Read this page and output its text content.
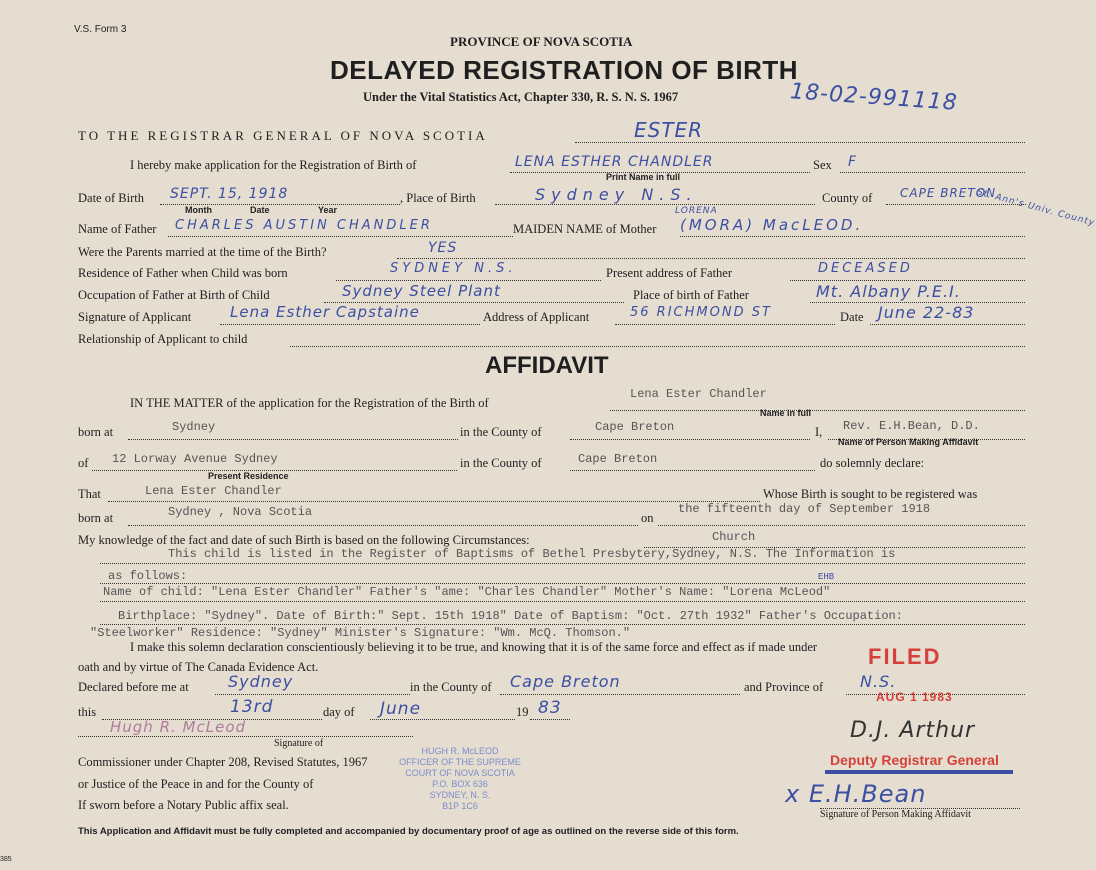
V.S. Form 3
PROVINCE OF NOVA SCOTIA
DELAYED REGISTRATION OF BIRTH
Under the Vital Statistics Act, Chapter 330, R. S. N. S. 1967	18-02-991118
TO THE REGISTRAR GENERAL OF NOVA SCOTIA	ESTER
I hereby make application for the Registration of Birth of	LENA ESTHER CHANDLER	Sex F
Print Name in full
Date of Birth SEPT. 15, 1918
Month	Date	Year
, Place of Birth	Sydney N.S.	County of CAPE BRETON
St. Ann's Univ. County
Name of Father CHARLES AUSTIN CHANDLER	MAIDEN NAME of Mother (MORA) MacLEOD.
LORENA
Were the Parents married at the time of the Birth?	YES
Residence of Father when Child was born	SYDNEY N.S.	Present address of Father	DECEASED
Occupation of Father at Birth of Child	Sydney Steel Plant	Place of birth of Father	Mt. Albany P.E.I.
Signature of Applicant	Lena Esther Capstaine	Address of Applicant	56 RICHMOND ST	Date June 22-83
Relationship of Applicant to child
AFFIDAVIT
IN THE MATTER of the application for the Registration of the Birth of
Lena Ester Chandler
Name in full
born at	Sydney	in the County of	Cape Breton	I, Rev. E.H.Bean, D.D.
Name of Person Making Affidavit
of 12 Lorway Avenue Sydney
Present Residence
in the County of	Cape Breton	do solemnly declare:
That	Lena Ester Chandler	Whose Birth is sought to be registered was
born at	Sydney , Nova Scotia	on
the fifteenth day of September 1918
My knowledge of the fact and date of such Birth is based on the following Circumstances:	Church
This child is listed in the Register of Baptisms of Bethel Presbytery,Sydney, N.S. The Information is
as follows:	EHB
Name of child: "Lena Ester Chandler" Father's "ame: "Charles Chandler" Mother's Name: "Lorena McLeod"
Birthplace: "Sydney". Date of Birth:" Sept. 15th 1918" Date of Baptism: "Oct. 27th 1932" Father's Occupation:
"Steelworker" Residence: "Sydney" Minister's Signature: "Wm. McQ. Thomson."
I make this solemn declaration conscientiously believing it to be true, and knowing that it is of the same force and effect as if made under
oath and by virtue of The Canada Evidence Act.
Declared before me at Sydney	in the County of Cape Breton	and Province of N.S.
this	13rd	day of June	19 83
Hugh R. McLeod
Signature of
Commissioner under Chapter 208, Revised Statutes, 1967
or Justice of the Peace in and for the County of
If sworn before a Notary Public affix seal.
HUGH R. McLEOD
OFFICER OF THE SUPREME
COURT OF NOVA SCOTIA
P.O. BOX 636
SYDNEY, N. S.
B1P 1C6
FILED
AUG 1 1983
D.J. Arthur
Deputy Registrar General
x E.H.Bean
Signature of Person Making Affidavit
This Application and Affidavit must be fully completed and accompanied by documentary proof of age as outlined on the reverse side of this form.
385
